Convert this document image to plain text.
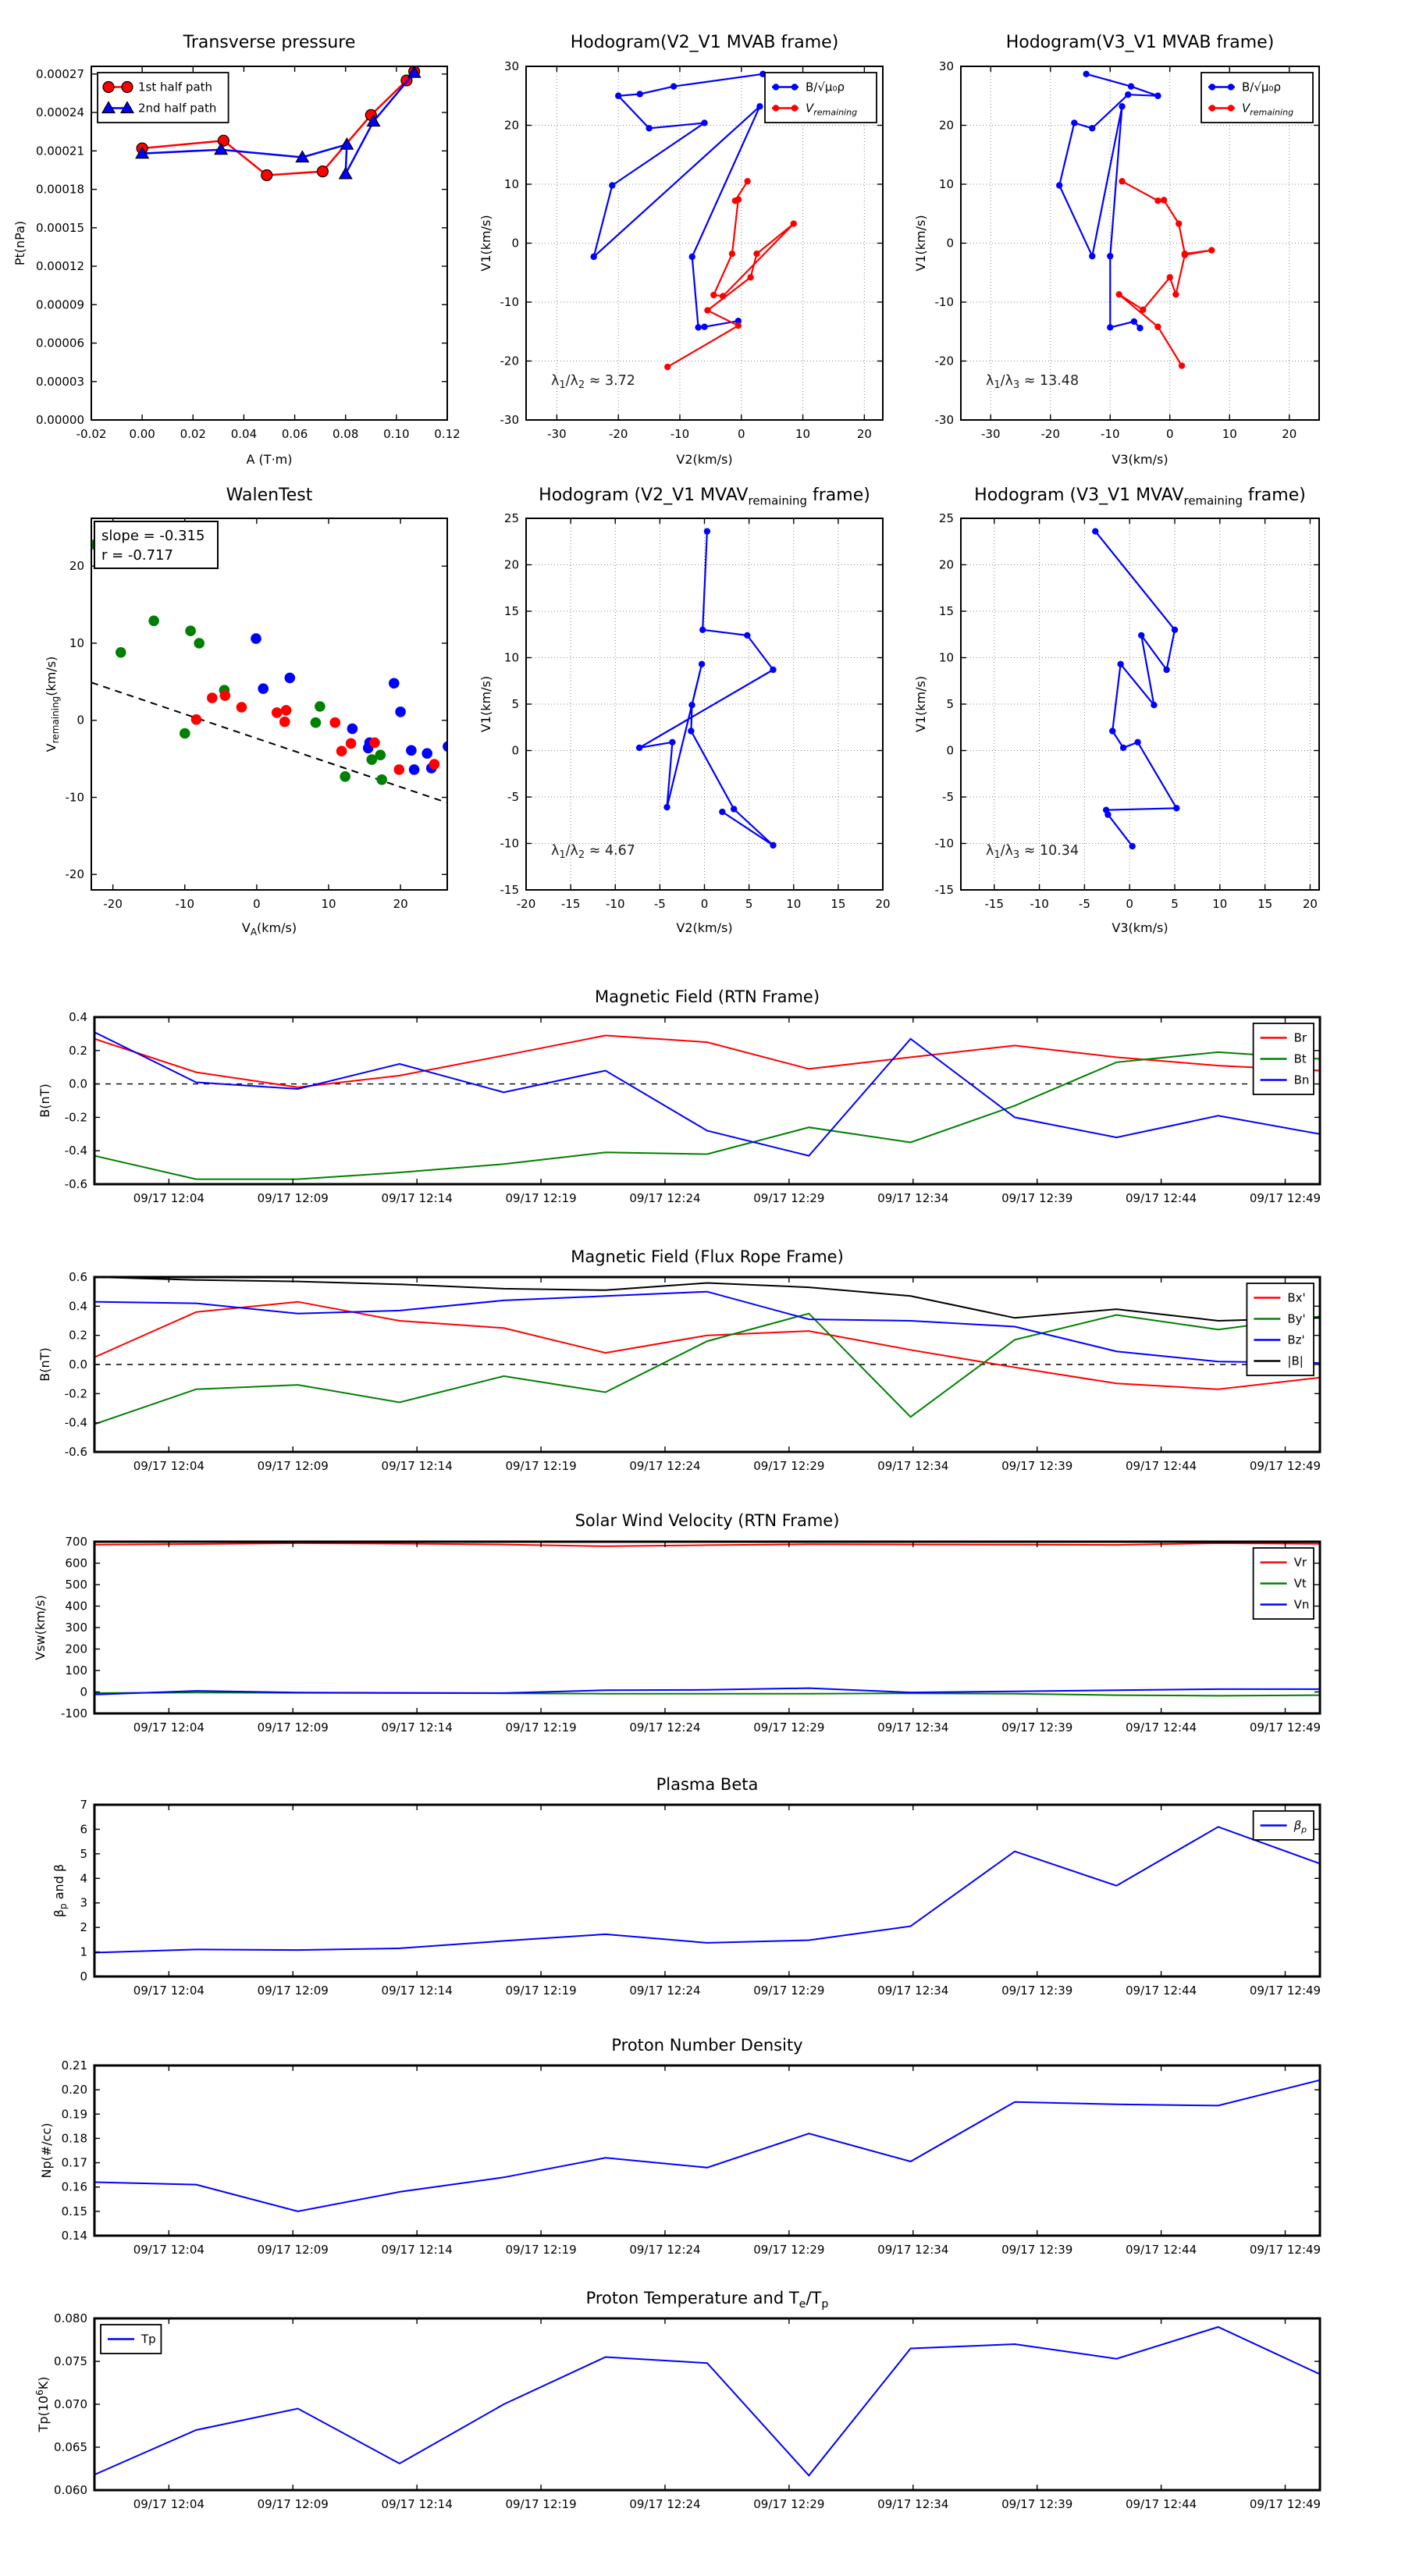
-0.02 0.00 0.02 0.04 0.06 0.08 0.10 0.12
0.00000
0.00003
0.00006
0.00009
0.00012
0.00015
0.00018
0.00021
0.00024
0.00027
A (T·m)
Pt(nPa)
1st half path
2nd half path
-30	-20	-10	0	10	20
-30
-20
-10
0
10
20
30
V2(km/s)
V1(km/s)
B/√μ₀ρ
$V_{remaining}$
$\lambda_1/\lambda_2 \approx 3.72$
-30	-20	-10	0	10	20
-30
-20
-10
0
10
20
30
V3(km/s)
V1(km/s)
B/√μ₀ρ
$V_{remaining}$
$\lambda_1/\lambda_3 \approx 13.48$
-20	-10	0	10	20
-20
-10
0
10
20
$V_A(km/s)$
$V_{remaining}(km/s)$
slope = -0.315
r = -0.717
-20 -15 -10 -5	0	5	10	15	20
-15
-10
-5
0
5
10
15
20
25
V2(km/s)
V1(km/s)
$\lambda_1/\lambda_2 \approx 4.67$
-15 -10	-5	0	5	10	15	20
-15
-10
-5
0
5
10
15
20
25
V3(km/s)
V1(km/s)
$\lambda_1/\lambda_3 \approx 10.34$
09/17 12:04	09/17 12:09	09/17 12:14	09/17 12:19	09/17 12:24	09/17 12:29	09/17 12:34	09/17 12:39	09/17 12:44	09/17 12:49
-0.6
-0.4
-0.2
0.0
0.2
0.4
B(nT)
Br
Bt
Bn
09/17 12:04	09/17 12:09	09/17 12:14	09/17 12:19	09/17 12:24	09/17 12:29	09/17 12:34	09/17 12:39	09/17 12:44	09/17 12:49
-0.6
-0.4
-0.2
0.0
0.2
0.4
0.6
B(nT)
Bx'
By'
Bz'
|B|
09/17 12:04	09/17 12:09	09/17 12:14	09/17 12:19	09/17 12:24	09/17 12:29	09/17 12:34	09/17 12:39	09/17 12:44	09/17 12:49
-100
0
100
200
300
400
500
600
700
Vsw(km/s)
Vr
Vt
Vn
09/17 12:04	09/17 12:09	09/17 12:14	09/17 12:19	09/17 12:24	09/17 12:29	09/17 12:34	09/17 12:39	09/17 12:44	09/17 12:49
0
1
2
3
4
5
6
7
$\beta_p$ and β
$\beta_p$
09/17 12:04	09/17 12:09	09/17 12:14	09/17 12:19	09/17 12:24	09/17 12:29	09/17 12:34	09/17 12:39	09/17 12:44	09/17 12:49
0.14
0.15
0.16
0.17
0.18
0.19
0.20
0.21
Np(#/cc)
09/17 12:04	09/17 12:09	09/17 12:14	09/17 12:19	09/17 12:24	09/17 12:29	09/17 12:34	09/17 12:39	09/17 12:44	09/17 12:49
0.060
0.065
0.070
0.075
0.080
$Tp(10^6K)$
Tp
Transverse pressure	Hodogram(V2_V1 MVAB frame)	Hodogram(V3_V1 MVAB frame)
WalenTest	Hodogram (V2_V1 $MVAV_{remaining}$ frame)	Hodogram (V3_V1 $MVAV_{remaining}$ frame)
Magnetic Field (RTN Frame)
Magnetic Field (Flux Rope Frame)
Solar Wind Velocity (RTN Frame)
Plasma Beta
Proton Number Density
Proton Temperature and $T_e/T_p$
